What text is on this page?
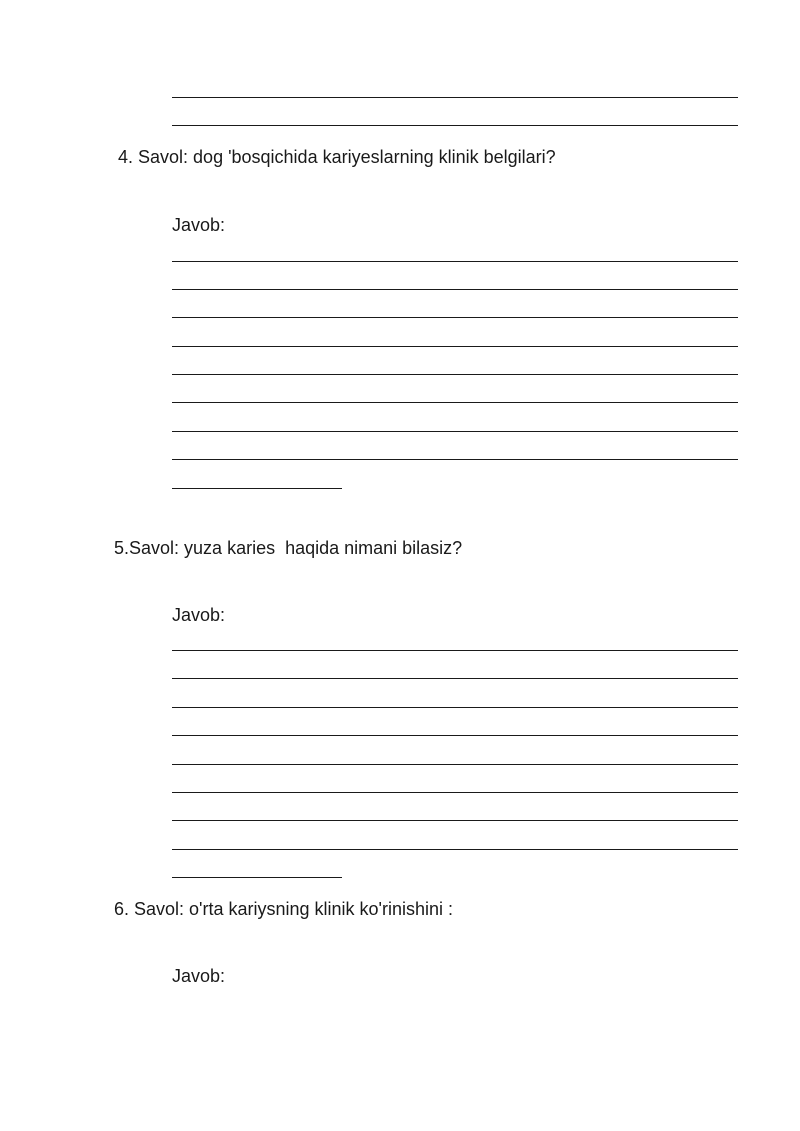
4. Savol: dog 'bosqichida kariyeslarning klinik belgilari?
Javob:
5.Savol: yuza karies  haqida nimani bilasiz?
Javob:
6. Savol: o'rta kariysning klinik ko'rinishini :
Javob:
